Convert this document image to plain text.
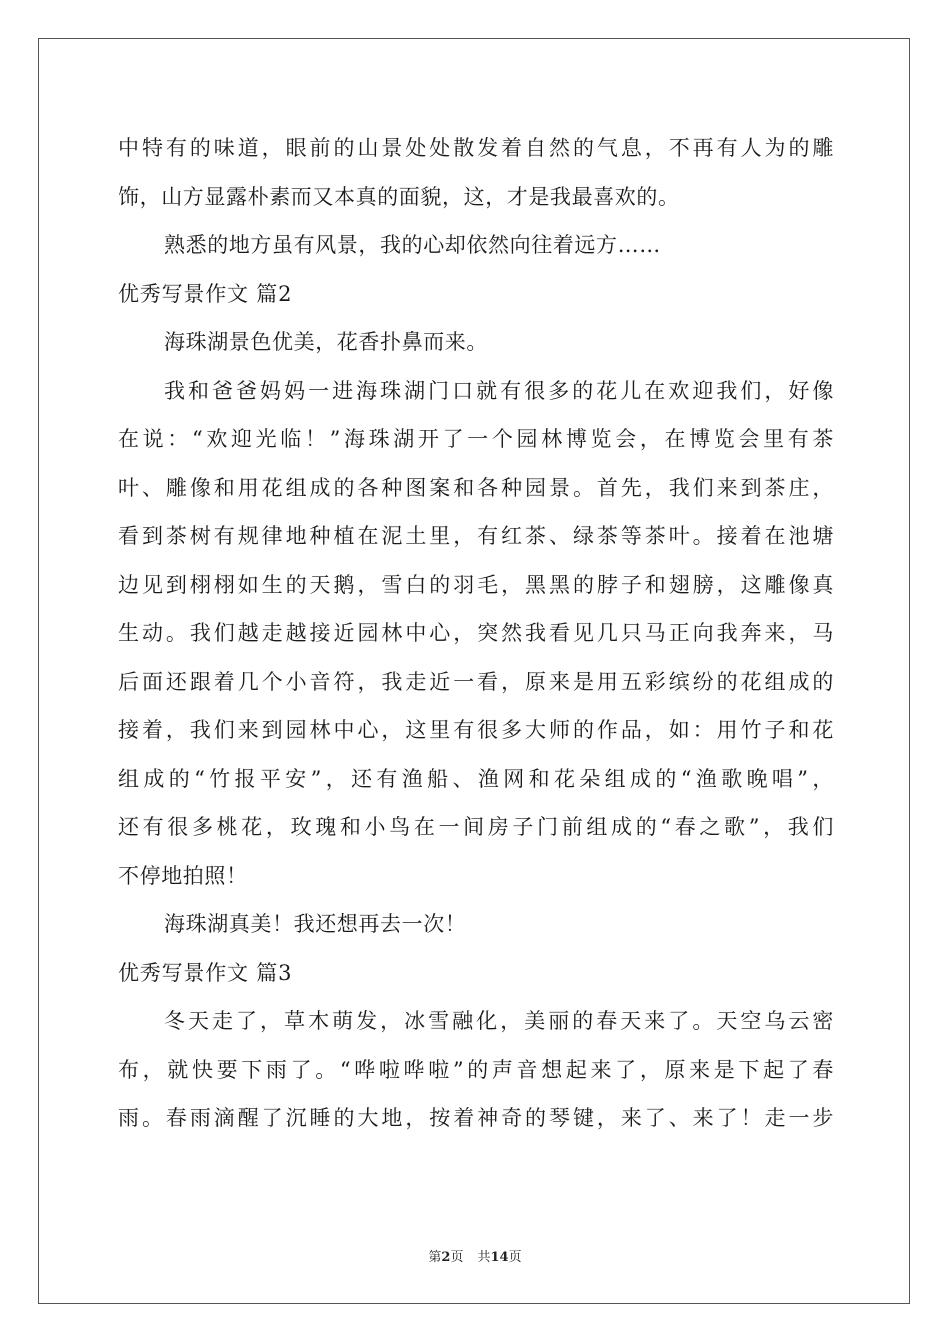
中特有的味道，眼前的山景处处散发着自然的气息，不再有人为的雕
饰，山方显露朴素而又本真的面貌，这，才是我最喜欢的。
熟悉的地方虽有风景，我的心却依然向往着远方……
优秀写景作文 篇2
海珠湖景色优美，花香扑鼻而来。
我和爸爸妈妈一进海珠湖门口就有很多的花儿在欢迎我们，好像
在说：“欢迎光临！”海珠湖开了一个园林博览会，在博览会里有茶
叶、雕像和用花组成的各种图案和各种园景。首先，我们来到茶庄，
看到茶树有规律地种植在泥土里，有红茶、绿茶等茶叶。接着在池塘
边见到栩栩如生的天鹅，雪白的羽毛，黑黑的脖子和翅膀，这雕像真
生动。我们越走越接近园林中心，突然我看见几只马正向我奔来，马
后面还跟着几个小音符，我走近一看，原来是用五彩缤纷的花组成的
接着，我们来到园林中心，这里有很多大师的作品，如：用竹子和花
组成的“竹报平安”，还有渔船、渔网和花朵组成的“渔歌晚唱”，
还有很多桃花，玫瑰和小鸟在一间房子门前组成的“春之歌”，我们
不停地拍照！
海珠湖真美！我还想再去一次！
优秀写景作文 篇3
冬天走了，草木萌发，冰雪融化，美丽的春天来了。天空乌云密
布，就快要下雨了。“哗啦哗啦”的声音想起来了，原来是下起了春
雨。春雨滴醒了沉睡的大地，按着神奇的琴键，来了、来了！走一步
第2页 共14页
